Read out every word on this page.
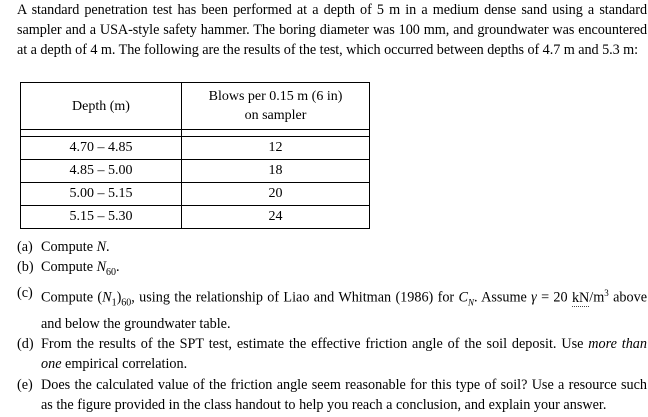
A standard penetration test has been performed at a depth of 5 m in a medium dense sand using a standard sampler and a USA-style safety hammer. The boring diameter was 100 mm, and groundwater was encountered at a depth of 4 m. The following are the results of the test, which occurred between depths of 4.7 m and 5.3 m:
Depth (m)	Blows per 0.15 m (6 in)
on sampler

4.70 – 4.85	12
4.85 – 5.00	18
5.00 – 5.15	20
5.15 – 5.30	24
(a) Compute N.
(b) Compute $N_{60}$.
(c) Compute $(N_1)_{60}$, using the relationship of Liao and Whitman (1986) for $C_N$. Assume γ = 20 $kN/m^3$ above and below the groundwater table.
(d) From the results of the SPT test, estimate the effective friction angle of the soil deposit. Use more than one empirical correlation.
(e) Does the calculated value of the friction angle seem reasonable for this type of soil? Use a resource such as the figure provided in the class handout to help you reach a conclusion, and explain your answer.
